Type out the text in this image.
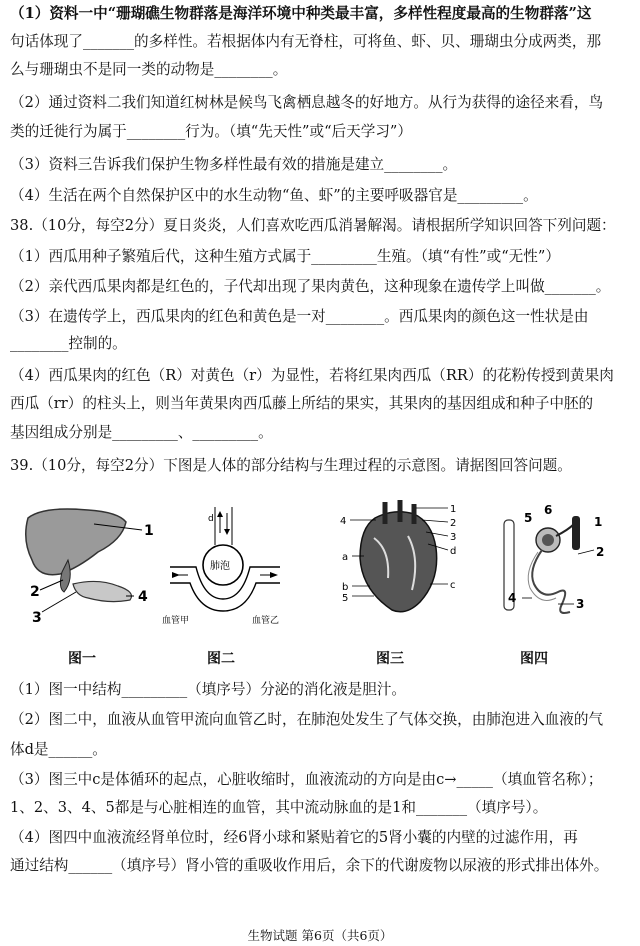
（1）资料一中“珊瑚礁生物群落是海洋环境中种类最丰富，多样性程度最高的生物群落”这
句话体现了_______的多样性。若根据体内有无脊柱，可将鱼、虾、贝、珊瑚虫分成两类，那
么与珊瑚虫不是同一类的动物是________。
（2）通过资料二我们知道红树林是候鸟飞禽栖息越冬的好地方。从行为获得的途径来看，鸟
类的迁徙行为属于________行为。（填“先天性”或“后天学习”）
（3）资料三告诉我们保护生物多样性最有效的措施是建立________。
（4）生活在两个自然保护区中的水生动物“鱼、虾”的主要呼吸器官是_________。
38.（10分，每空2分）夏日炎炎，人们喜欢吃西瓜消暑解渴。请根据所学知识回答下列问题：
（1）西瓜用种子繁殖后代，这种生殖方式属于_________生殖。（填“有性”或“无性”）
（2）亲代西瓜果肉都是红色的，子代却出现了果肉黄色，这种现象在遗传学上叫做_______。
（3）在遗传学上，西瓜果肉的红色和黄色是一对________。西瓜果肉的颜色这一性状是由
________控制的。
（4）西瓜果肉的红色（R）对黄色（r）为显性，若将红果肉西瓜（RR）的花粉传授到黄果肉
西瓜（rr）的柱头上，则当年黄果肉西瓜藤上所结的果实，其果肉的基因组成和种子中胚的
基因组成分别是_________、_________。
39.（10分，每空2分）下图是人体的部分结构与生理过程的示意图。请据图回答问题。
（1）图一中结构_________（填序号）分泌的消化液是胆汁。
（2）图二中，血液从血管甲流向血管乙时，在肺泡处发生了气体交换，由肺泡进入血液的气
体d是______。
（3）图三中c是体循环的起点，心脏收缩时，血液流动的方向是由c→_____（填血管名称）；
1、2、3、4、5都是与心脏相连的血管，其中流动脉血的是1和_______（填序号）。
（4）图四中血液流经肾单位时，经6肾小球和紧贴着它的5肾小囊的内壁的过滤作用，再
通过结构______（填序号）肾小管的重吸收作用后，余下的代谢废物以尿液的形式排出体外。
1
2
3
4
d
肺泡
血管甲	血管乙
4
1
2
3
d
a
b
5
c
5
6
1
2
4	3
图一	图二	图三	图四
生物试题 第6页（共6页）
